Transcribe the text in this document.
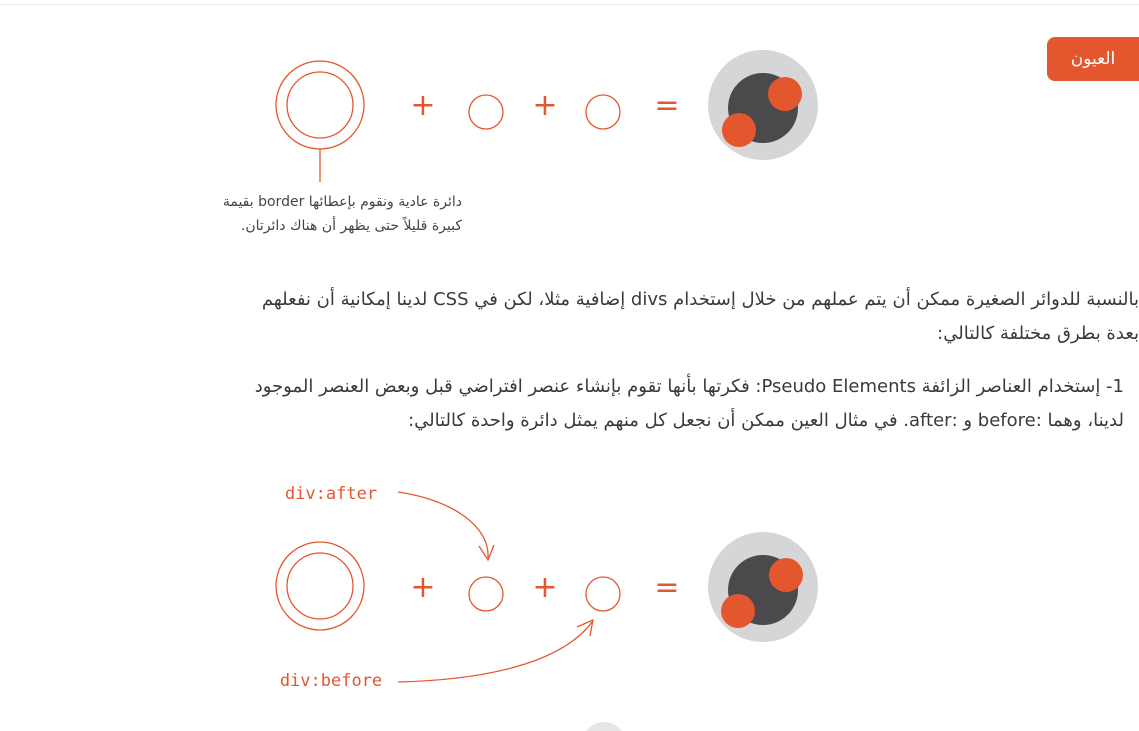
العيون
+	+	=
div:after
div:before
+	+	=
دائرة عادية ونقوم بإعطائها border بقيمة
كبيرة قليلاً حتى يظهر أن هناك دائرتان.
بالنسبة للدوائر الصغيرة ممكن أن يتم عملهم من خلال إستخدام divs إضافية مثلا، لكن في CSS لدينا إمكانية أن نفعلهم
بعدة بطرق مختلفة كالتالي:
1- إستخدام العناصر الزائفة Pseudo Elements: فكرتها بأنها تقوم بإنشاء عنصر افتراضي قبل وبعض العنصر الموجود
لدينا، وهما :before و :after. في مثال العين ممكن أن نجعل كل منهم يمثل دائرة واحدة كالتالي:
